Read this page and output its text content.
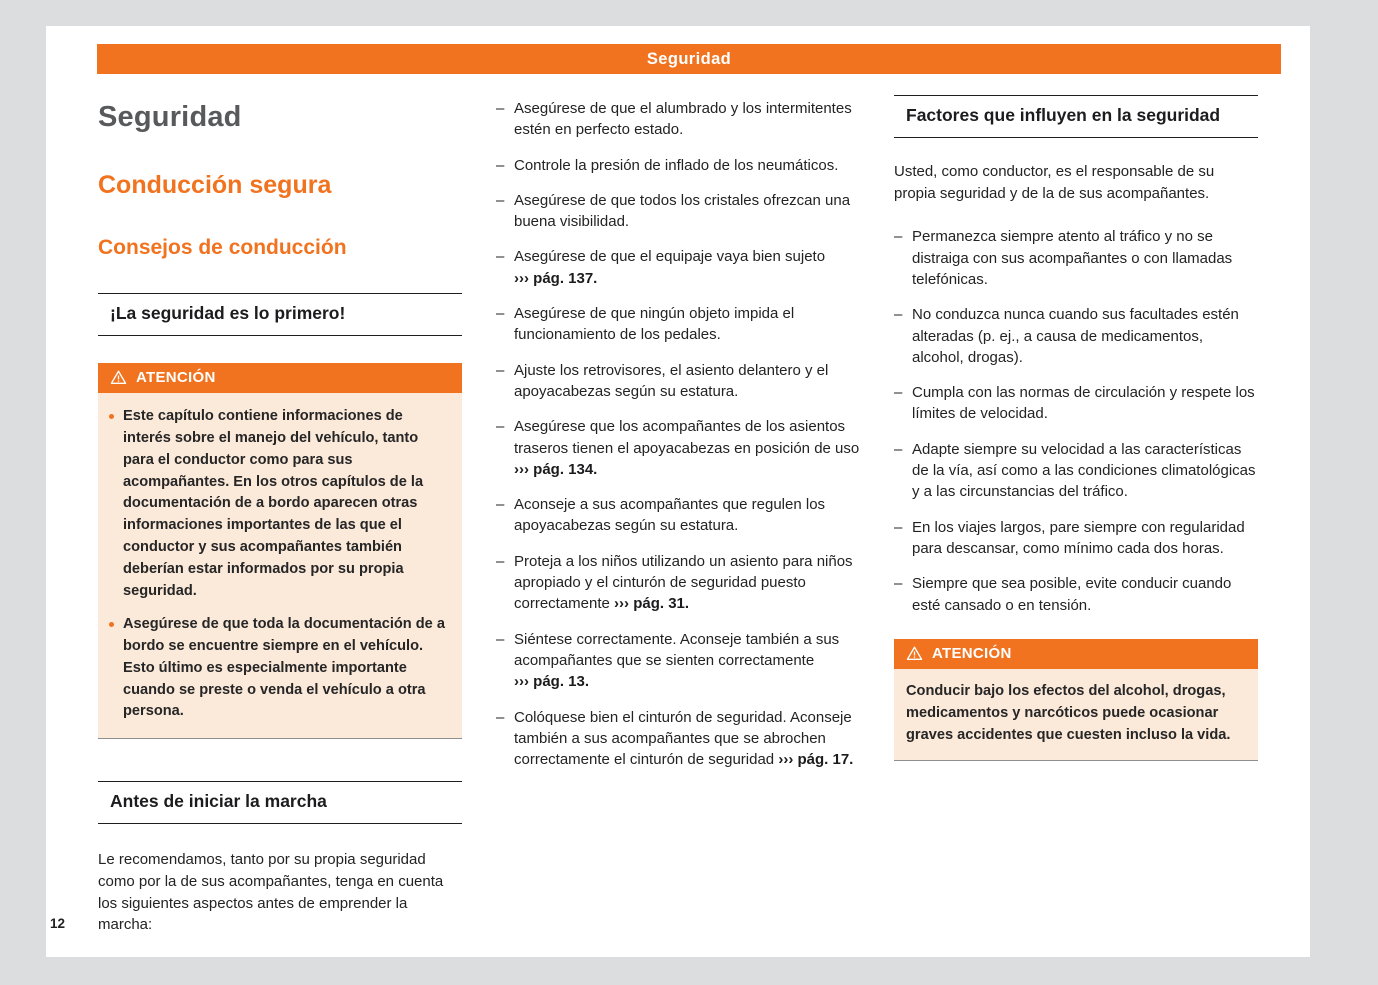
Seguridad
Seguridad
Conducción segura
Consejos de conducción
¡La seguridad es lo primero!
ATENCIÓN
Este capítulo contiene informaciones de interés sobre el manejo del vehículo, tanto para el conductor como para sus acompañantes. En los otros capítulos de la documentación de a bordo aparecen otras informaciones importantes de las que el conductor y sus acompañantes también deberían estar informados por su propia seguridad.
Asegúrese de que toda la documentación de a bordo se encuentre siempre en el vehículo. Esto último es especialmente importante cuando se preste o venda el vehículo a otra persona.
Antes de iniciar la marcha

Le recomendamos, tanto por su propia seguridad como por la de sus acompañantes, tenga en cuenta los siguientes aspectos antes de emprender la marcha:

– Asegúrese de que el alumbrado y los intermitentes estén en perfecto estado.
– Controle la presión de inflado de los neumáticos.
– Asegúrese de que todos los cristales ofrezcan una buena visibilidad.
– Asegúrese de que el equipaje vaya bien sujeto ››› pág. 137.
– Asegúrese de que ningún objeto impida el funcionamiento de los pedales.
– Ajuste los retrovisores, el asiento delantero y el apoyacabezas según su estatura.
– Asegúrese que los acompañantes de los asientos traseros tienen el apoyacabezas en posición de uso ››› pág. 134.
– Aconseje a sus acompañantes que regulen los apoyacabezas según su estatura.
– Proteja a los niños utilizando un asiento para niños apropiado y el cinturón de seguridad puesto correctamente ››› pág. 31.
– Siéntese correctamente. Aconseje también a sus acompañantes que se sienten correctamente ››› pág. 13.
– Colóquese bien el cinturón de seguridad. Aconseje también a sus acompañantes que se abrochen correctamente el cinturón de seguridad ››› pág. 17.
Factores que influyen en la seguridad

Usted, como conductor, es el responsable de su propia seguridad y de la de sus acompañantes.

– Permanezca siempre atento al tráfico y no se distraiga con sus acompañantes o con llamadas telefónicas.
– No conduzca nunca cuando sus facultades estén alteradas (p. ej., a causa de medicamentos, alcohol, drogas).
– Cumpla con las normas de circulación y respete los límites de velocidad.
– Adapte siempre su velocidad a las características de la vía, así como a las condiciones climatológicas y a las circunstancias del tráfico.
– En los viajes largos, pare siempre con regularidad para descansar, como mínimo cada dos horas.
– Siempre que sea posible, evite conducir cuando esté cansado o en tensión.
ATENCIÓN
Conducir bajo los efectos del alcohol, drogas, medicamentos y narcóticos puede ocasionar graves accidentes que cuesten incluso la vida.
12
